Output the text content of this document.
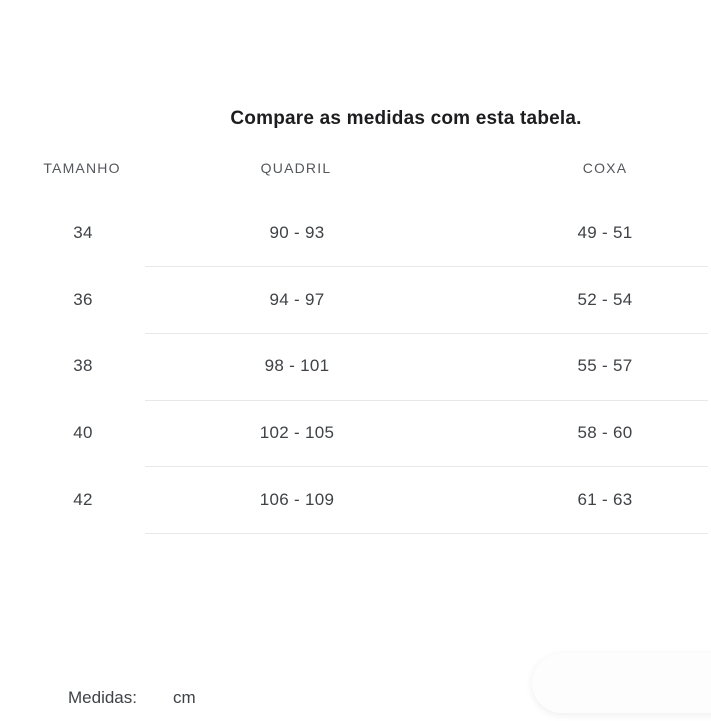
Compare as medidas com esta tabela.
TAMANHO	QUADRIL	COXA
34	90 - 93	49 - 51
36	94 - 97	52 - 54
38	98 - 101	55 - 57
40	102 - 105	58 - 60
42	106 - 109	61 - 63
Medidas: cm
